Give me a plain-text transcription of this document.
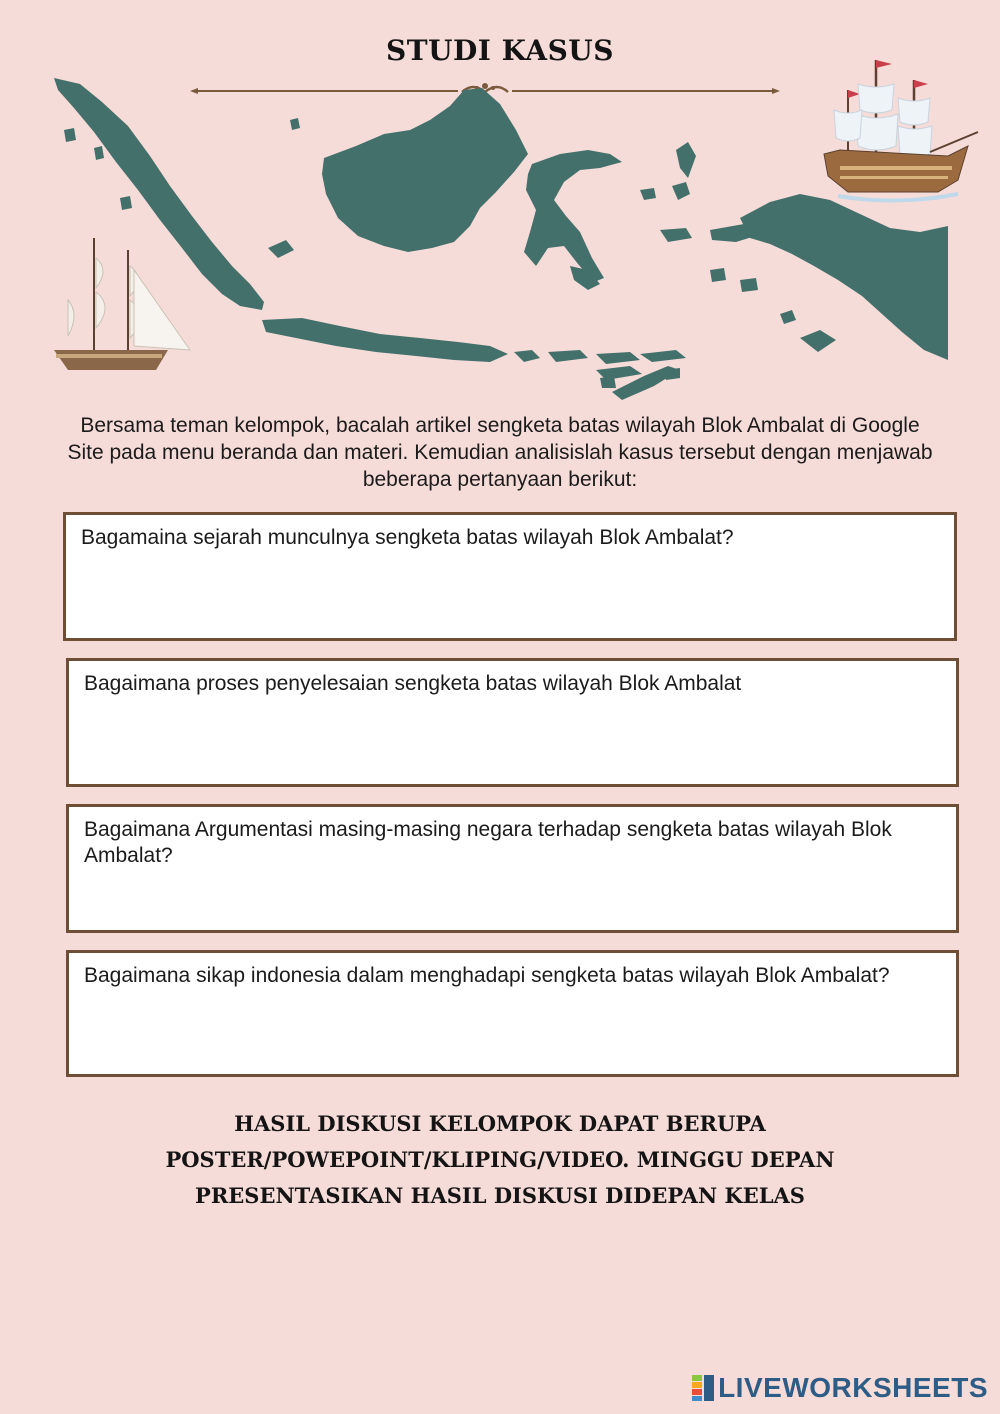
STUDI KASUS
Bersama teman kelompok, bacalah artikel sengketa batas wilayah Blok Ambalat di Google Site pada menu beranda dan materi. Kemudian analisislah kasus tersebut dengan menjawab beberapa pertanyaan berikut:
Bagamaina sejarah munculnya sengketa batas wilayah Blok Ambalat?
Bagaimana proses penyelesaian sengketa batas wilayah Blok Ambalat
Bagaimana Argumentasi masing-masing negara terhadap sengketa batas wilayah Blok Ambalat?
Bagaimana sikap indonesia dalam menghadapi sengketa batas wilayah Blok Ambalat?
HASIL DISKUSI KELOMPOK DAPAT BERUPA
POSTER/POWEPOINT/KLIPING/VIDEO. MINGGU DEPAN
PRESENTASIKAN HASIL DISKUSI DIDEPAN KELAS
LIVEWORKSHEETS
